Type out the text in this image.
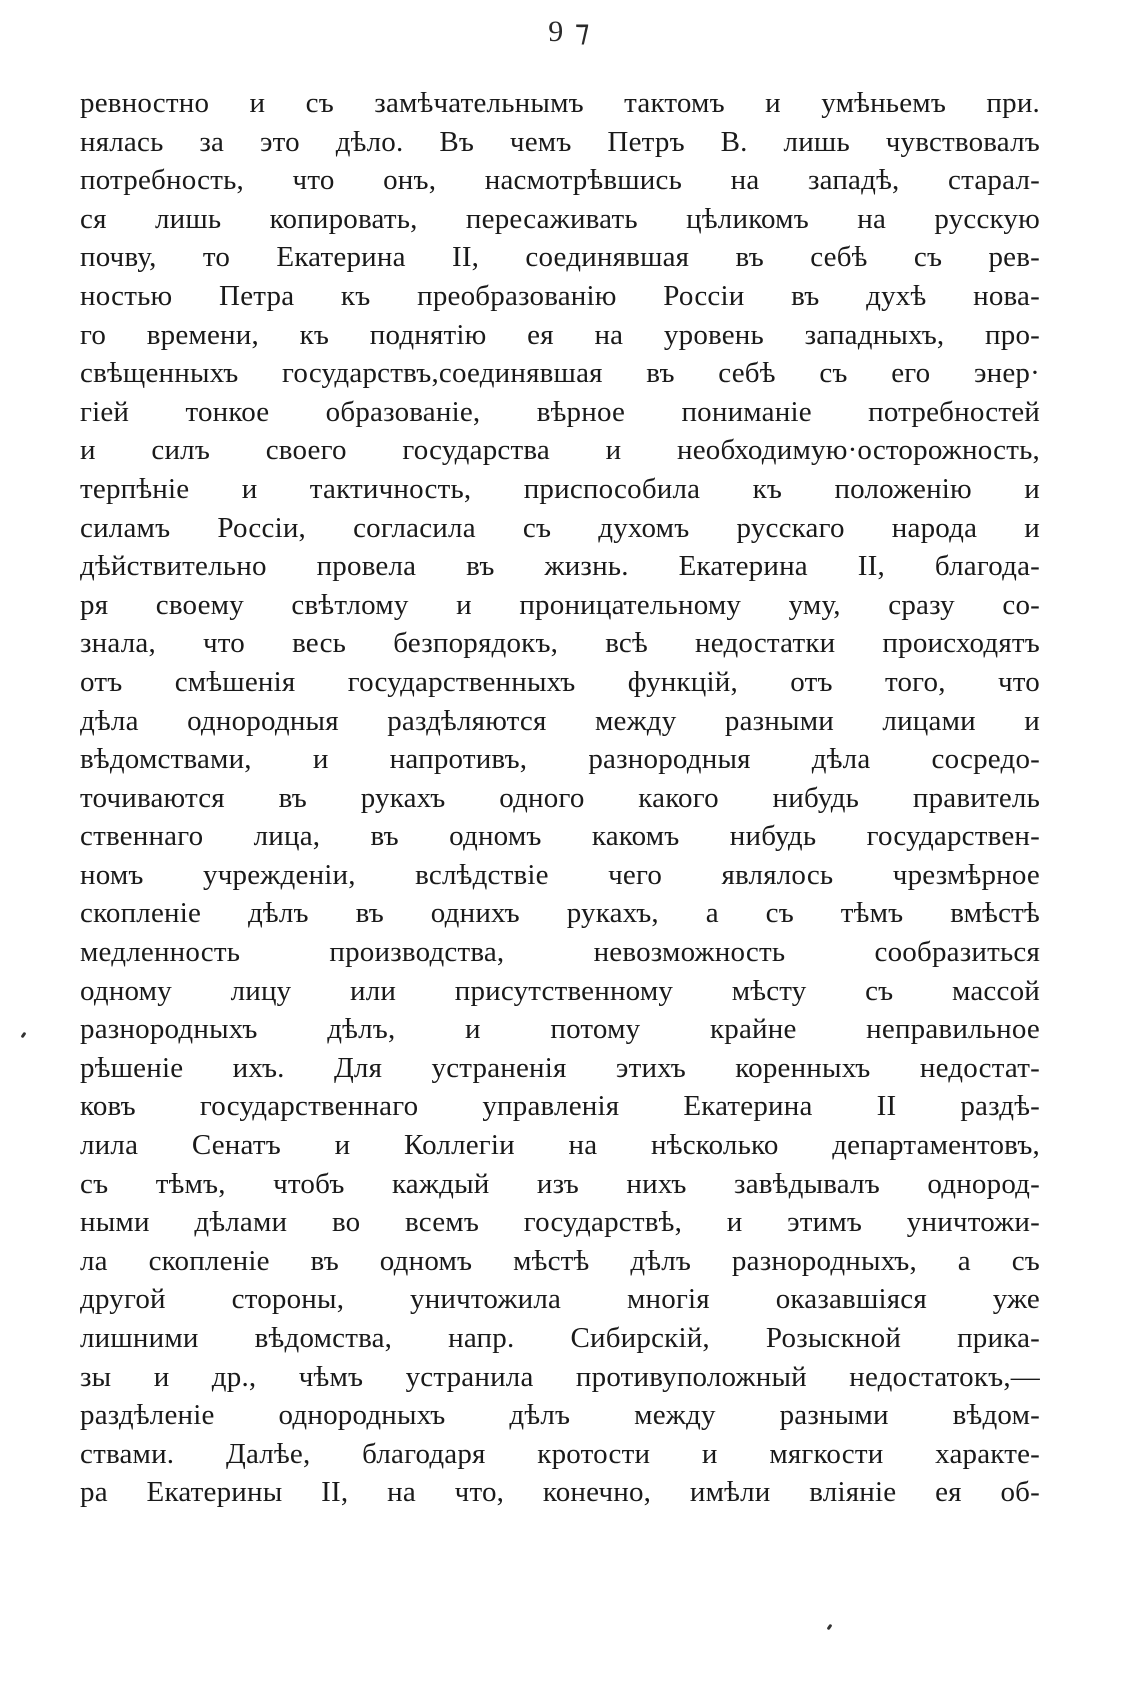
9 ⁊
ревностно и съ замѣчательнымъ тактомъ и умѣньемъ при.
нялась за это дѣло. Въ чемъ Петръ В. лишь чувствовалъ
потребность, что онъ, насмотрѣвшись на западѣ, старал-
ся лишь копировать, пересаживать цѣликомъ на русскую
почву, то Екатерина II, соединявшая въ себѣ съ рев-
ностью Петра къ преобразованію Россіи въ духѣ нова-
го времени, къ поднятію ея на уровень западныхъ, про-
свѣщенныхъ государствъ,соединявшая въ себѣ съ его энер·
гіей тонкое образованіе, вѣрное пониманіе потребностей
и силъ своего государства и необходимую·осторожность,
терпѣніе и тактичность, приспособила къ положенію и
силамъ Россіи, согласила съ духомъ русскаго народа и
дѣйствительно провела въ жизнь. Екатерина II, благода-
ря своему свѣтлому и проницательному уму, сразу со-
знала, что весь безпорядокъ, всѣ недостатки происходятъ
отъ смѣшенія государственныхъ функцій, отъ того, что
дѣла однородныя раздѣляются между разными лицами и
вѣдомствами, и напротивъ, разнородныя дѣла сосредо-
точиваются въ рукахъ одного какого нибудь правитель
ственнаго лица, въ одномъ какомъ нибудь государствен-
номъ учрежденіи, вслѣдствіе чего являлось чрезмѣрное
скопленіе дѣлъ въ однихъ рукахъ, а съ тѣмъ вмѣстѣ
медленность производства, невозможность сообразиться
одному лицу или присутственному мѣсту съ массой
разнородныхъ дѣлъ, и потому крайне неправильное
рѣшеніе ихъ. Для устраненія этихъ коренныхъ недостат-
ковъ государственнаго управленія Екатерина II раздѣ-
лила Сенатъ и Коллегіи на нѣсколько департаментовъ,
съ тѣмъ, чтобъ каждый изъ нихъ завѣдывалъ однород-
ными дѣлами во всемъ государствѣ, и этимъ уничтожи-
ла скопленіе въ одномъ мѣстѣ дѣлъ разнородныхъ, а съ
другой стороны, уничтожила многія оказавшіяся уже
лишними вѣдомства, напр. Сибирскій, Розыскной прика-
зы и др., чѣмъ устранила противуположный недостатокъ,—
раздѣленіе однородныхъ дѣлъ между разными вѣдом-
ствами. Далѣе, благодаря кротости и мягкости характе-
ра Екатерины II, на что, конечно, имѣли вліяніе ея об-
